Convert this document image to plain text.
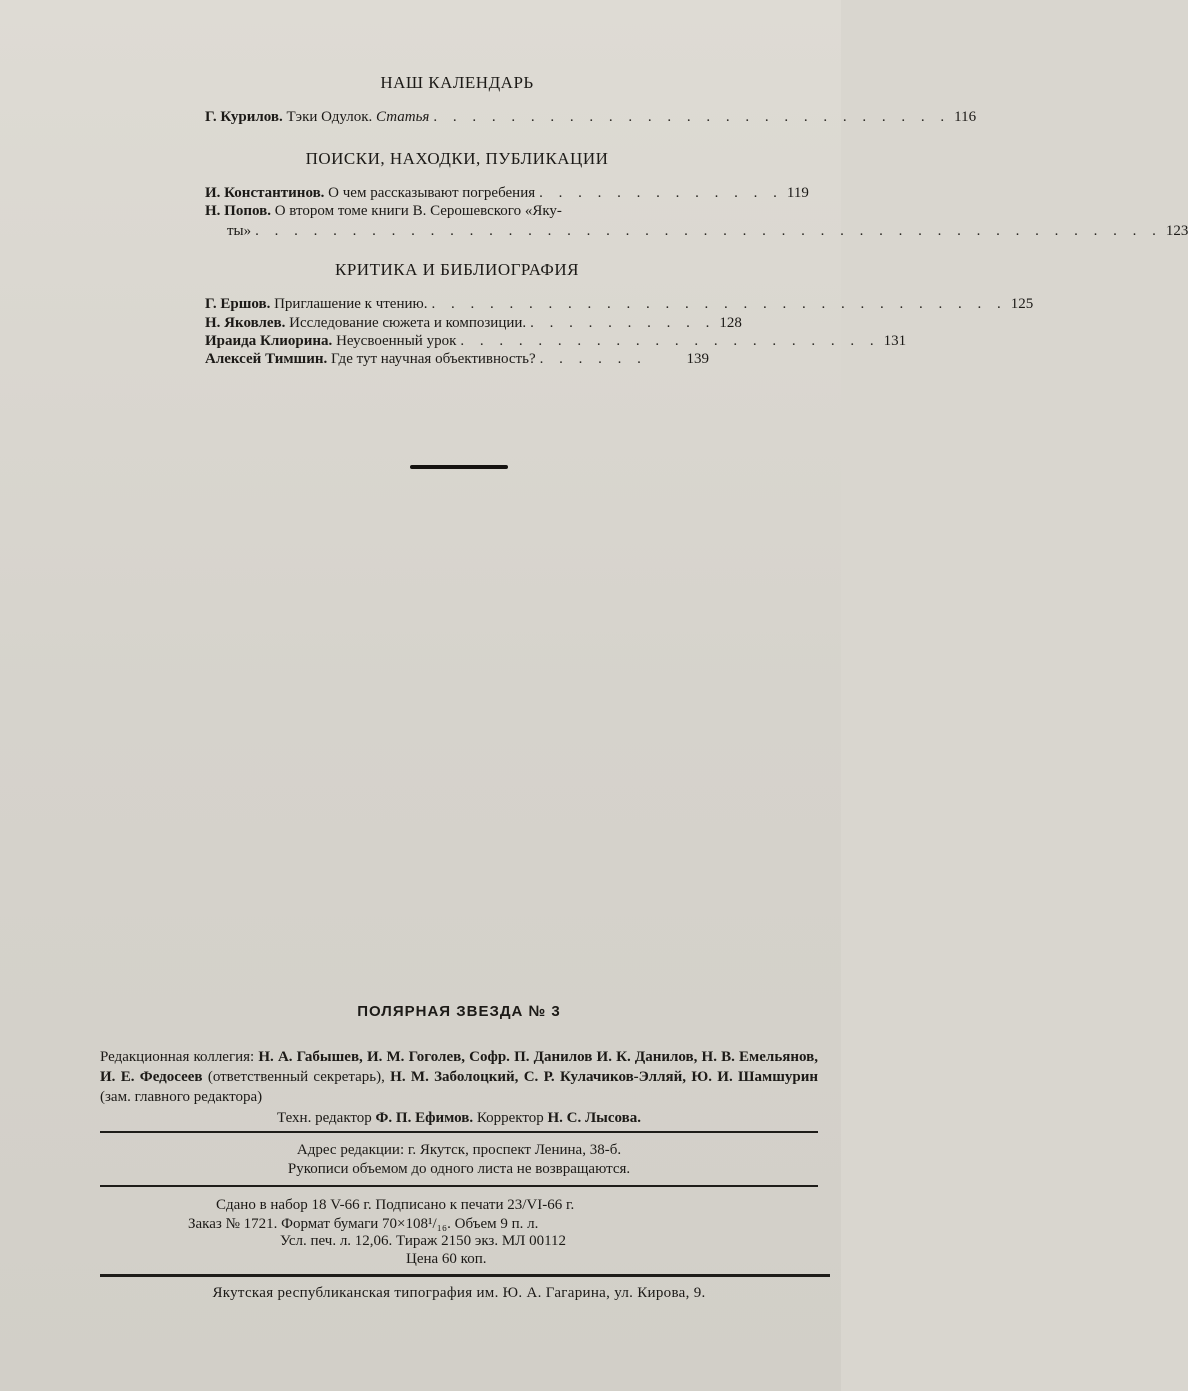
НАШ КАЛЕНДАРЬ
Г. Курилов.
Тэки Одулок.
Статья . . . . . . . . . . . . . . . . . . . . . . . . . . . 116
ПОИСКИ, НАХОДКИ, ПУБЛИКАЦИИ
И. Константинов.
О чем рассказывают погребения . . . . . . . . . . . . . 119
Н. Попов.
О втором томе книги В. Серошевского «Яку-
ты» . . . . . . . . . . . . . . . . . . . . . . . . . . . . . . . . . . . . . . . . . . . . . . . 123
КРИТИКА И БИБЛИОГРАФИЯ
Г. Ершов.
Приглашение к чтению. . . . . . . . . . . . . . . . . . . . . . . . . . . . . . . 125
Н. Яковлев.
Исследование сюжета и композиции. . . . . . . . . . . 128
Ираида Клиорина.
Неусвоенный урок . . . . . . . . . . . . . . . . . . . . . . 131
Алексей Тимшин.
Где тут научная объективность? . . . . . .	139
ПОЛЯРНАЯ ЗВЕЗДА № 3
Редакционная коллегия: Н. А. Габышев, И. М. Гоголев, Софр. П. Данилов И. К. Данилов, Н. В. Емельянов, И. Е. Федосеев (ответственный секретарь), Н. М. Заболоцкий, С. Р. Кулачиков-Элляй, Ю. И. Шамшурин (зам. главного редактора)
Техн. редактор Ф. П. Ефимов. Корректор Н. С. Лысова.
Адрес редакции: г. Якутск, проспект Ленина, 38-б.
Рукописи объемом до одного листа не возвращаются.
Сдано в набор 18 V-66 г. Подписано к печати 23/VI-66 г.
Заказ № 1721. Формат бумаги 70×108¹/₁₆. Объем 9 п. л.
Усл. печ. л. 12,06. Тираж 2150 экз. МЛ 00112
Цена 60 коп.
Якутская республиканская типография им. Ю. А. Гагарина, ул. Кирова, 9.
